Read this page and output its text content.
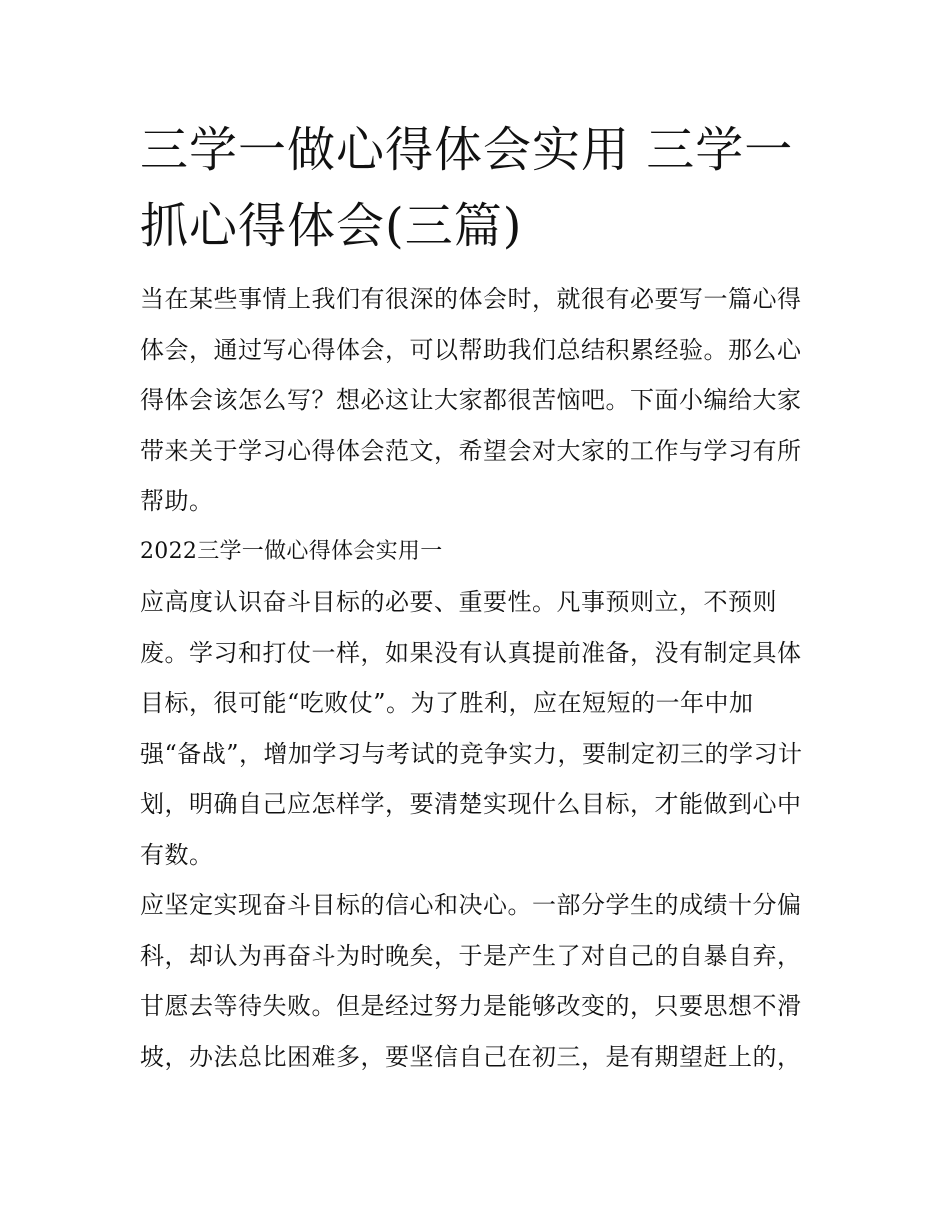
三学一做心得体会实用 三学一
抓心得体会(三篇)

当在某些事情上我们有很深的体会时，就很有必要写一篇心得
体会，通过写心得体会，可以帮助我们总结积累经验。那么心
得体会该怎么写？想必这让大家都很苦恼吧。下面小编给大家
带来关于学习心得体会范文，希望会对大家的工作与学习有所
帮助。

2022三学一做心得体会实用一

应高度认识奋斗目标的必要、重要性。凡事预则立，不预则
废。学习和打仗一样，如果没有认真提前准备，没有制定具体
目标，很可能“吃败仗”。为了胜利，应在短短的一年中加
强“备战”，增加学习与考试的竞争实力，要制定初三的学习计
划，明确自己应怎样学，要清楚实现什么目标，才能做到心中
有数。

应坚定实现奋斗目标的信心和决心。一部分学生的成绩十分偏
科，却认为再奋斗为时晚矣，于是产生了对自己的自暴自弃，
甘愿去等待失败。但是经过努力是能够改变的，只要思想不滑
坡，办法总比困难多，要坚信自己在初三，是有期望赶上的，
